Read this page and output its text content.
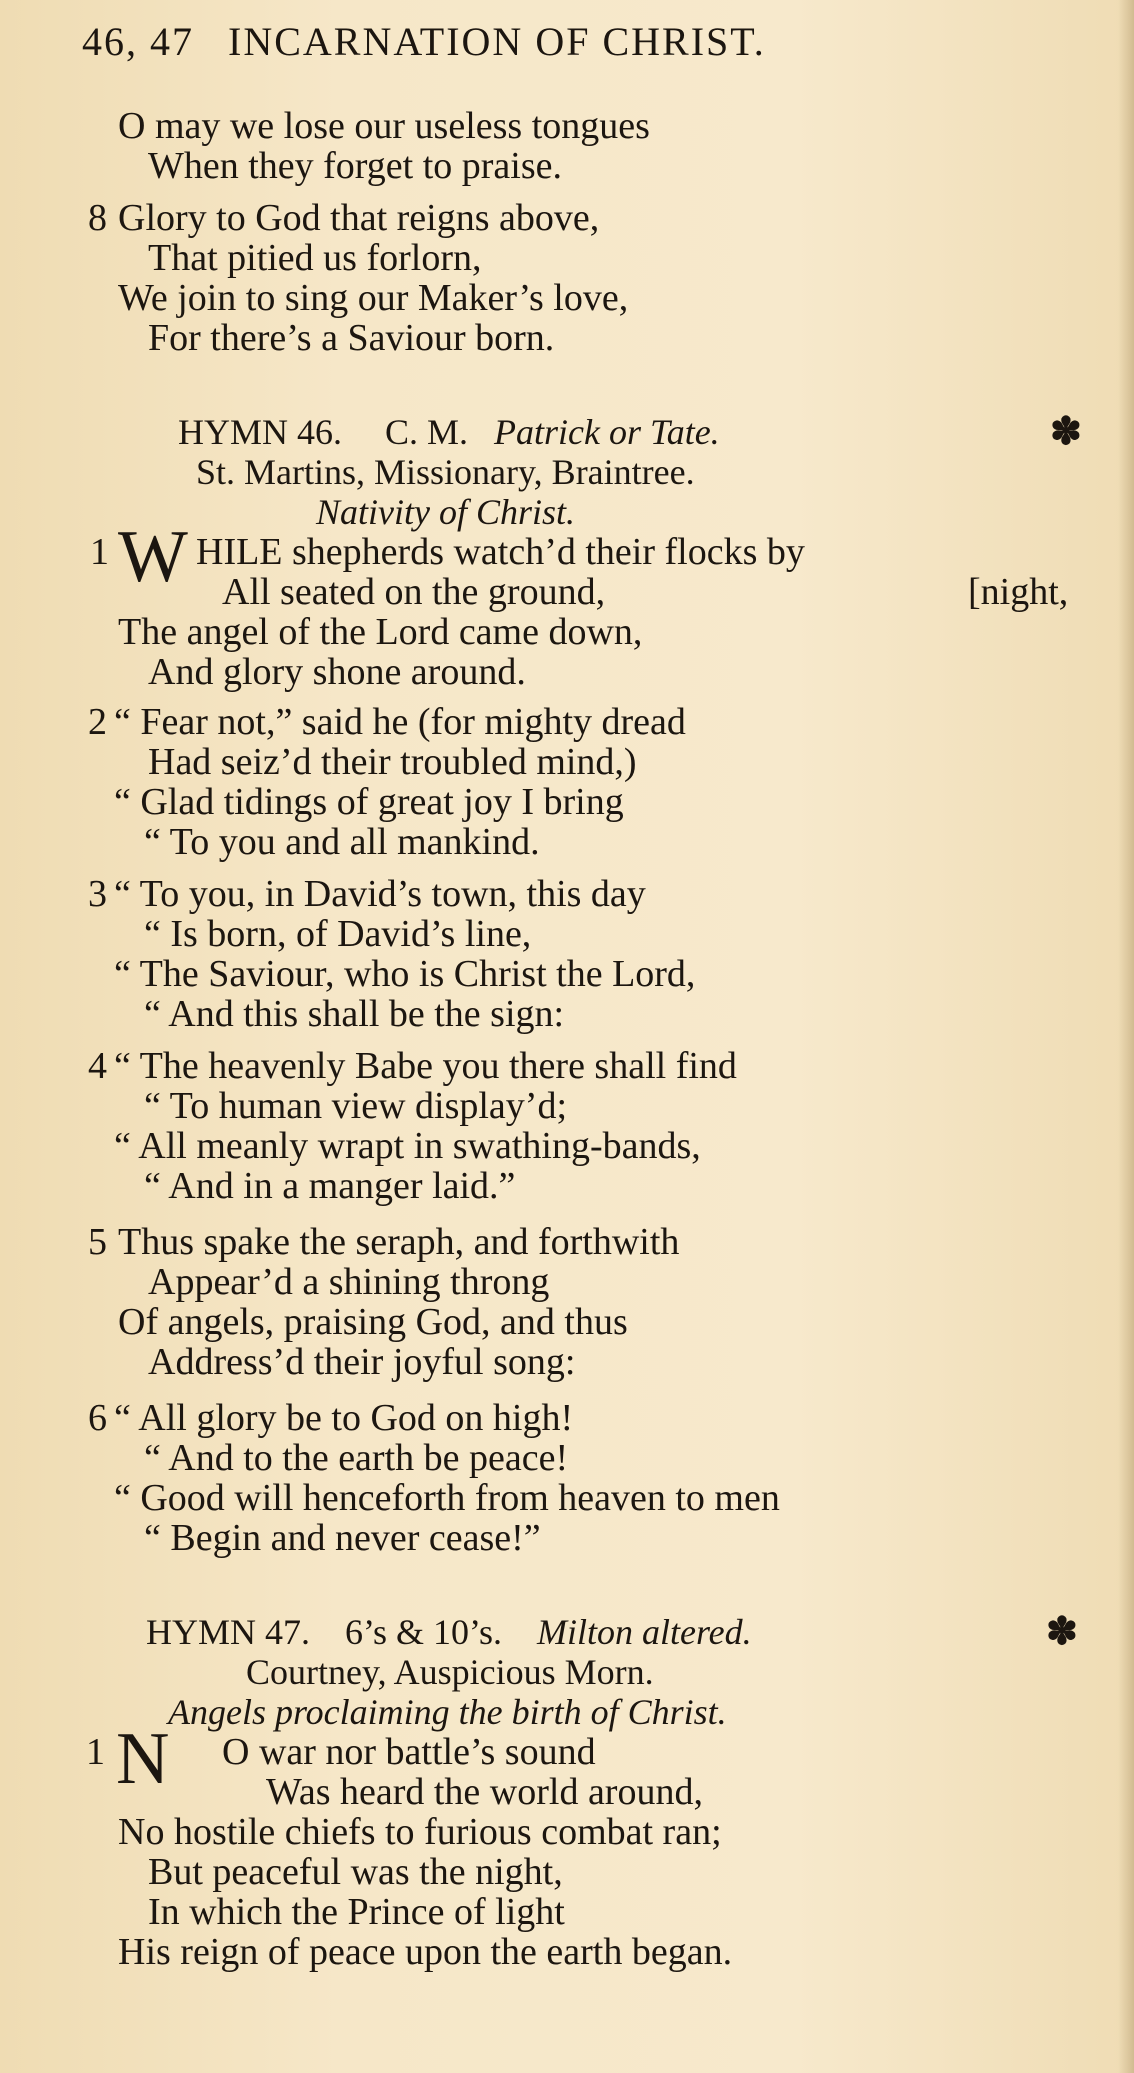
46, 47 INCARNATION OF CHRIST.
O may we lose our useless tongues
When they forget to praise.
8 Glory to God that reigns above,
That pitied us forlorn,
We join to sing our Maker’s love,
For there’s a Saviour born.
HYMN 46. C. M. Patrick or Tate.	✽
St. Martins, Missionary, Braintree.
Nativity of Christ.
1 W HILE shepherds watch’d their flocks by
All seated on the ground,	[night,
The angel of the Lord came down,
And glory shone around.
2 “ Fear not,” said he (for mighty dread
Had seiz’d their troubled mind,)
“ Glad tidings of great joy I bring
“ To you and all mankind.
3 “ To you, in David’s town, this day
“ Is born, of David’s line,
“ The Saviour, who is Christ the Lord,
“ And this shall be the sign:
4 “ The heavenly Babe you there shall find
“ To human view display’d;
“ All meanly wrapt in swathing-bands,
“ And in a manger laid.”
5 Thus spake the seraph, and forthwith
Appear’d a shining throng
Of angels, praising God, and thus
Address’d their joyful song:
6 “ All glory be to God on high!
“ And to the earth be peace!
“ Good will henceforth from heaven to men
“ Begin and never cease!”
HYMN 47. 6’s & 10’s. Milton altered.	✽
Courtney, Auspicious Morn.
Angels proclaiming the birth of Christ.
1 N O war nor battle’s sound
Was heard the world around,
No hostile chiefs to furious combat ran;
But peaceful was the night,
In which the Prince of light
His reign of peace upon the earth began.
